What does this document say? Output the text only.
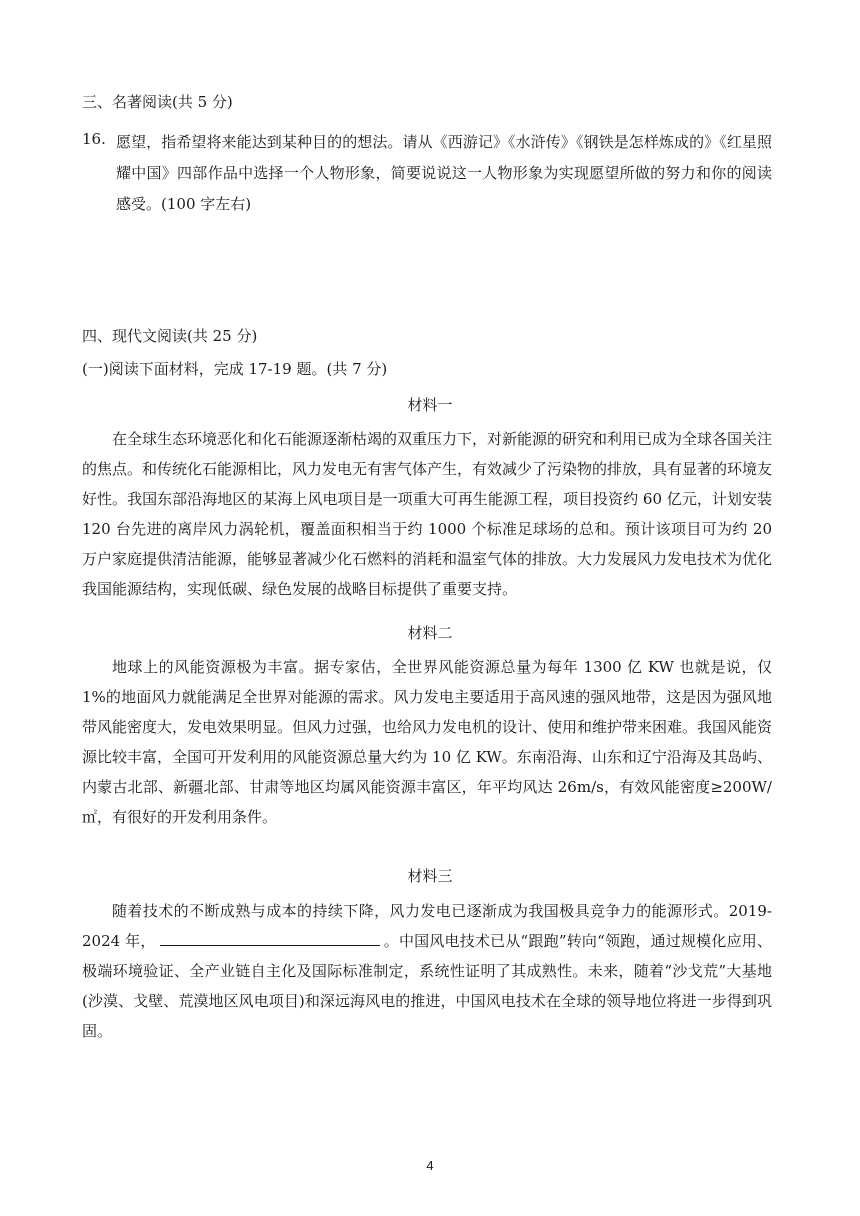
三、名著阅读(共 5 分)
16. 愿望，指希望将来能达到某种目的的想法。请从《西游记》《水浒传》《钢铁是怎样炼成的》《红星照耀中国》四部作品中选择一个人物形象，简要说说这一人物形象为实现愿望所做的努力和你的阅读感受。(100 字左右)
四、现代文阅读(共 25 分)
(一)阅读下面材料，完成 17-19 题。(共 7 分)
材料一
在全球生态环境恶化和化石能源逐渐枯竭的双重压力下，对新能源的研究和利用已成为全球各国关注的焦点。和传统化石能源相比，风力发电无有害气体产生，有效减少了污染物的排放，具有显著的环境友好性。我国东部沿海地区的某海上风电项目是一项重大可再生能源工程，项目投资约 60 亿元，计划安装 120 台先进的离岸风力涡轮机，覆盖面积相当于约 1000 个标准足球场的总和。预计该项目可为约 20 万户家庭提供清洁能源，能够显著减少化石燃料的消耗和温室气体的排放。大力发展风力发电技术为优化我国能源结构，实现低碳、绿色发展的战略目标提供了重要支持。
材料二
地球上的风能资源极为丰富。据专家估，全世界风能资源总量为每年 1300 亿 KW 也就是说，仅 1%的地面风力就能满足全世界对能源的需求。风力发电主要适用于高风速的强风地带，这是因为强风地带风能密度大，发电效果明显。但风力过强，也给风力发电机的设计、使用和维护带来困难。我国风能资源比较丰富，全国可开发利用的风能资源总量大约为 10 亿 KW。东南沿海、山东和辽宁沿海及其岛屿、内蒙古北部、新疆北部、甘肃等地区均属风能资源丰富区，年平均风达 26m/s，有效风能密度≥200W/㎡，有很好的开发利用条件。
材料三
随着技术的不断成熟与成本的持续下降，风力发电已逐渐成为我国极具竞争力的能源形式。2019-2024 年，	。中国风电技术已从“跟跑”转向“领跑，通过规模化应用、极端环境验证、全产业链自主化及国际标准制定，系统性证明了其成熟性。未来，随着“沙戈荒”大基地(沙漠、戈壁、荒漠地区风电项目)和深远海风电的推进，中国风电技术在全球的领导地位将进一步得到巩固。
4
